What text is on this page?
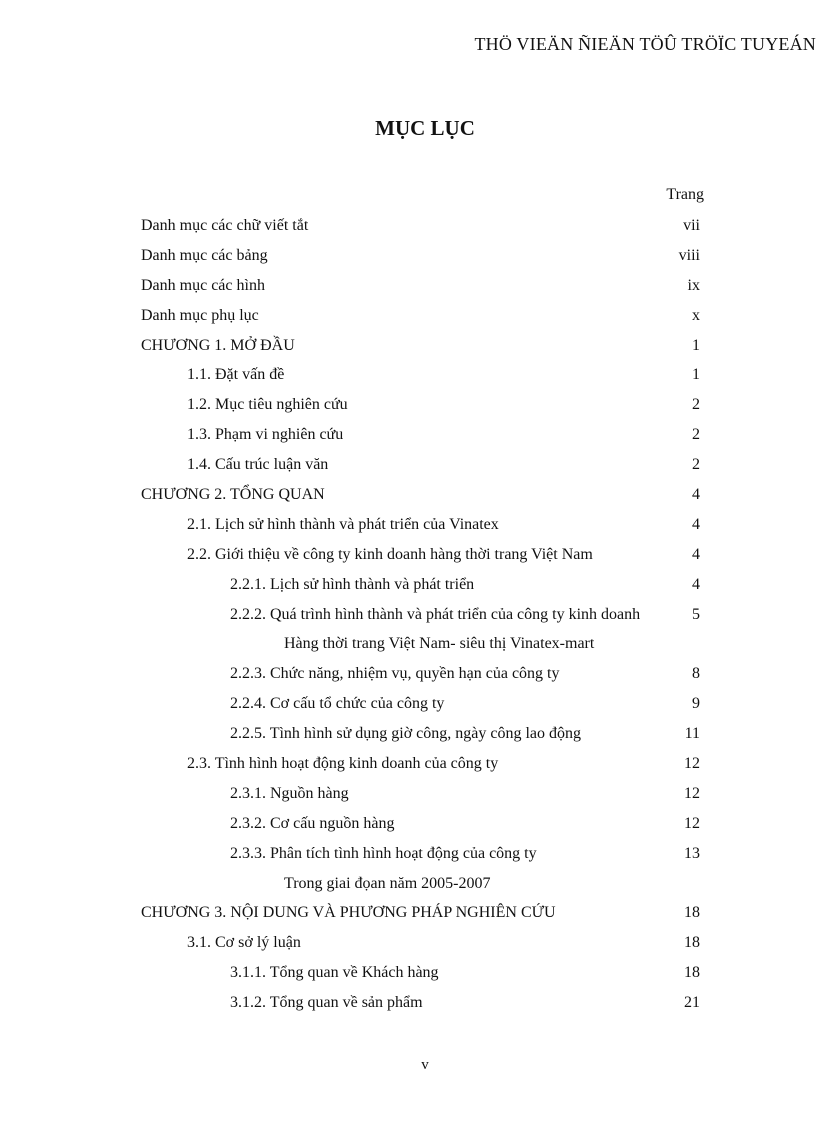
THÖ VIEÄN ÑIEÄN TÖÛ TRÖÏC TUYEÁN
MỤC LỤC
Trang
Danh mục các chữ viết tắt	vii
Danh mục các bảng	viii
Danh mục các hình	ix
Danh mục phụ lục	x
CHƯƠNG 1. MỞ ĐẦU	1
1.1. Đặt vấn đề	1
1.2. Mục tiêu nghiên cứu	2
1.3. Phạm vi nghiên cứu	2
1.4. Cấu trúc luận văn	2
CHƯƠNG 2. TỔNG QUAN	4
2.1. Lịch sử hình thành và phát triển của Vinatex	4
2.2. Giới thiệu về công ty kinh doanh hàng thời trang Việt Nam	4
2.2.1. Lịch sử hình thành và phát triển	4
2.2.2. Quá trình hình thành và phát triển của công ty kinh doanh	5
Hàng thời trang Việt Nam- siêu thị Vinatex-mart
2.2.3. Chức năng, nhiệm vụ, quyền hạn của công ty	8
2.2.4. Cơ cấu tổ chức của công ty	9
2.2.5. Tình hình sử dụng giờ công, ngày công lao động	11
2.3. Tình hình hoạt động kinh doanh của công ty	12
2.3.1. Nguồn hàng	12
2.3.2. Cơ cấu nguồn hàng	12
2.3.3. Phân tích tình hình hoạt động của công ty	13
Trong giai đọan năm 2005-2007
CHƯƠNG 3. NỘI DUNG VÀ PHƯƠNG PHÁP NGHIÊN CỨU	18
3.1. Cơ sở lý luận	18
3.1.1. Tổng quan về Khách hàng	18
3.1.2. Tổng quan về sản phẩm	21
v
